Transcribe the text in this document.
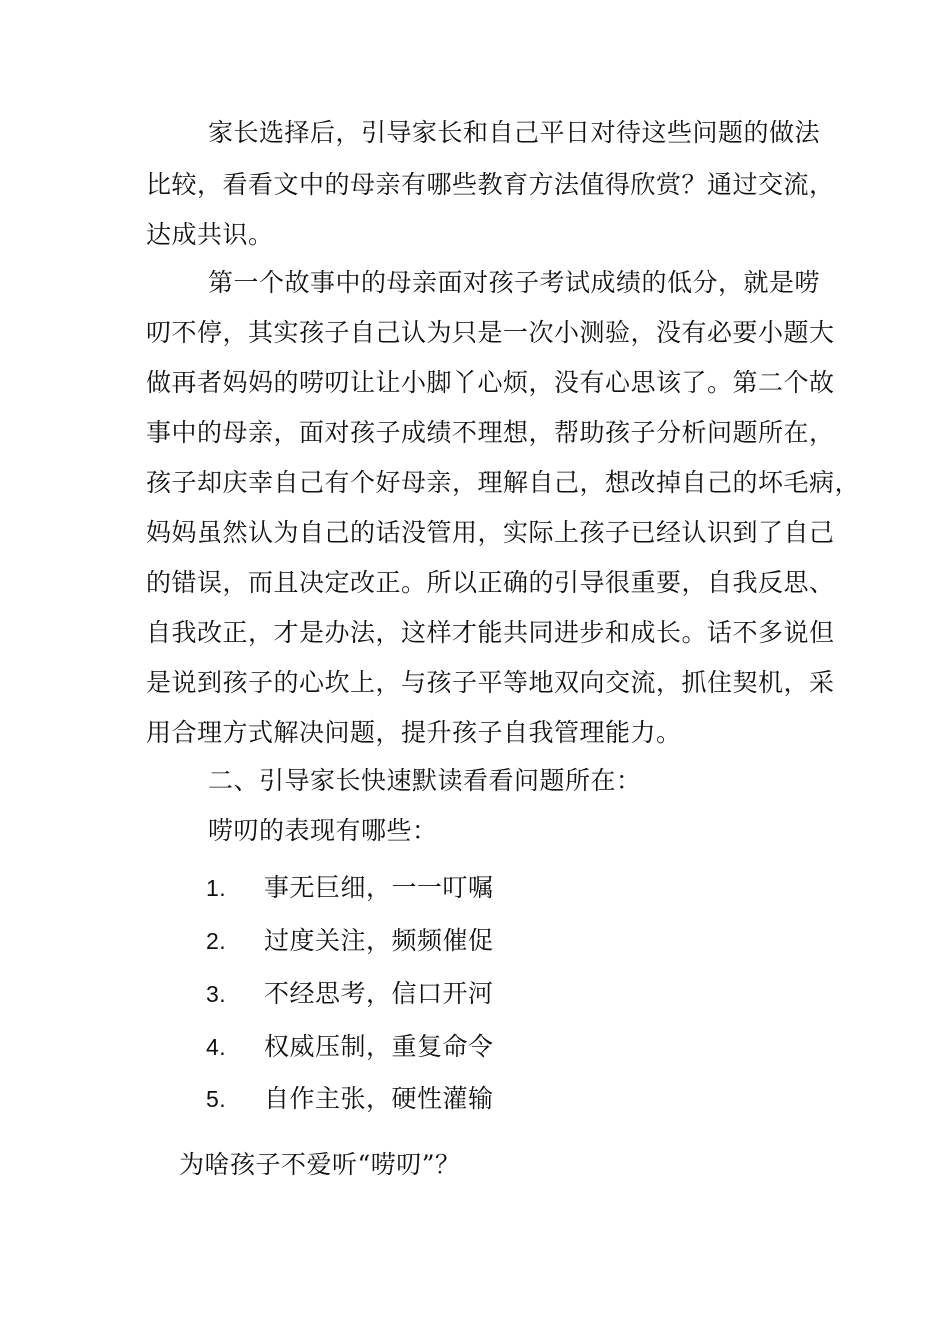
家长选择后，引导家长和自己平日对待这些问题的做法
比较，看看文中的母亲有哪些教育方法值得欣赏？通过交流，
达成共识。
第一个故事中的母亲面对孩子考试成绩的低分，就是唠
叨不停，其实孩子自己认为只是一次小测验，没有必要小题大
做再者妈妈的唠叨让让小脚丫心烦，没有心思该了。第二个故
事中的母亲，面对孩子成绩不理想，帮助孩子分析问题所在，
孩子却庆幸自己有个好母亲，理解自己，想改掉自己的坏毛病，
妈妈虽然认为自己的话没管用，实际上孩子已经认识到了自己
的错误，而且决定改正。所以正确的引导很重要，自我反思、
自我改正，才是办法，这样才能共同进步和成长。话不多说但
是说到孩子的心坎上，与孩子平等地双向交流，抓住契机，采
用合理方式解决问题，提升孩子自我管理能力。
二、引导家长快速默读看看问题所在：
唠叨的表现有哪些：
1. 事无巨细，一一叮嘱
2. 过度关注，频频催促
3. 不经思考，信口开河
4. 权威压制，重复命令
5. 自作主张，硬性灌输
为啥孩子不爱听“唠叨”？
